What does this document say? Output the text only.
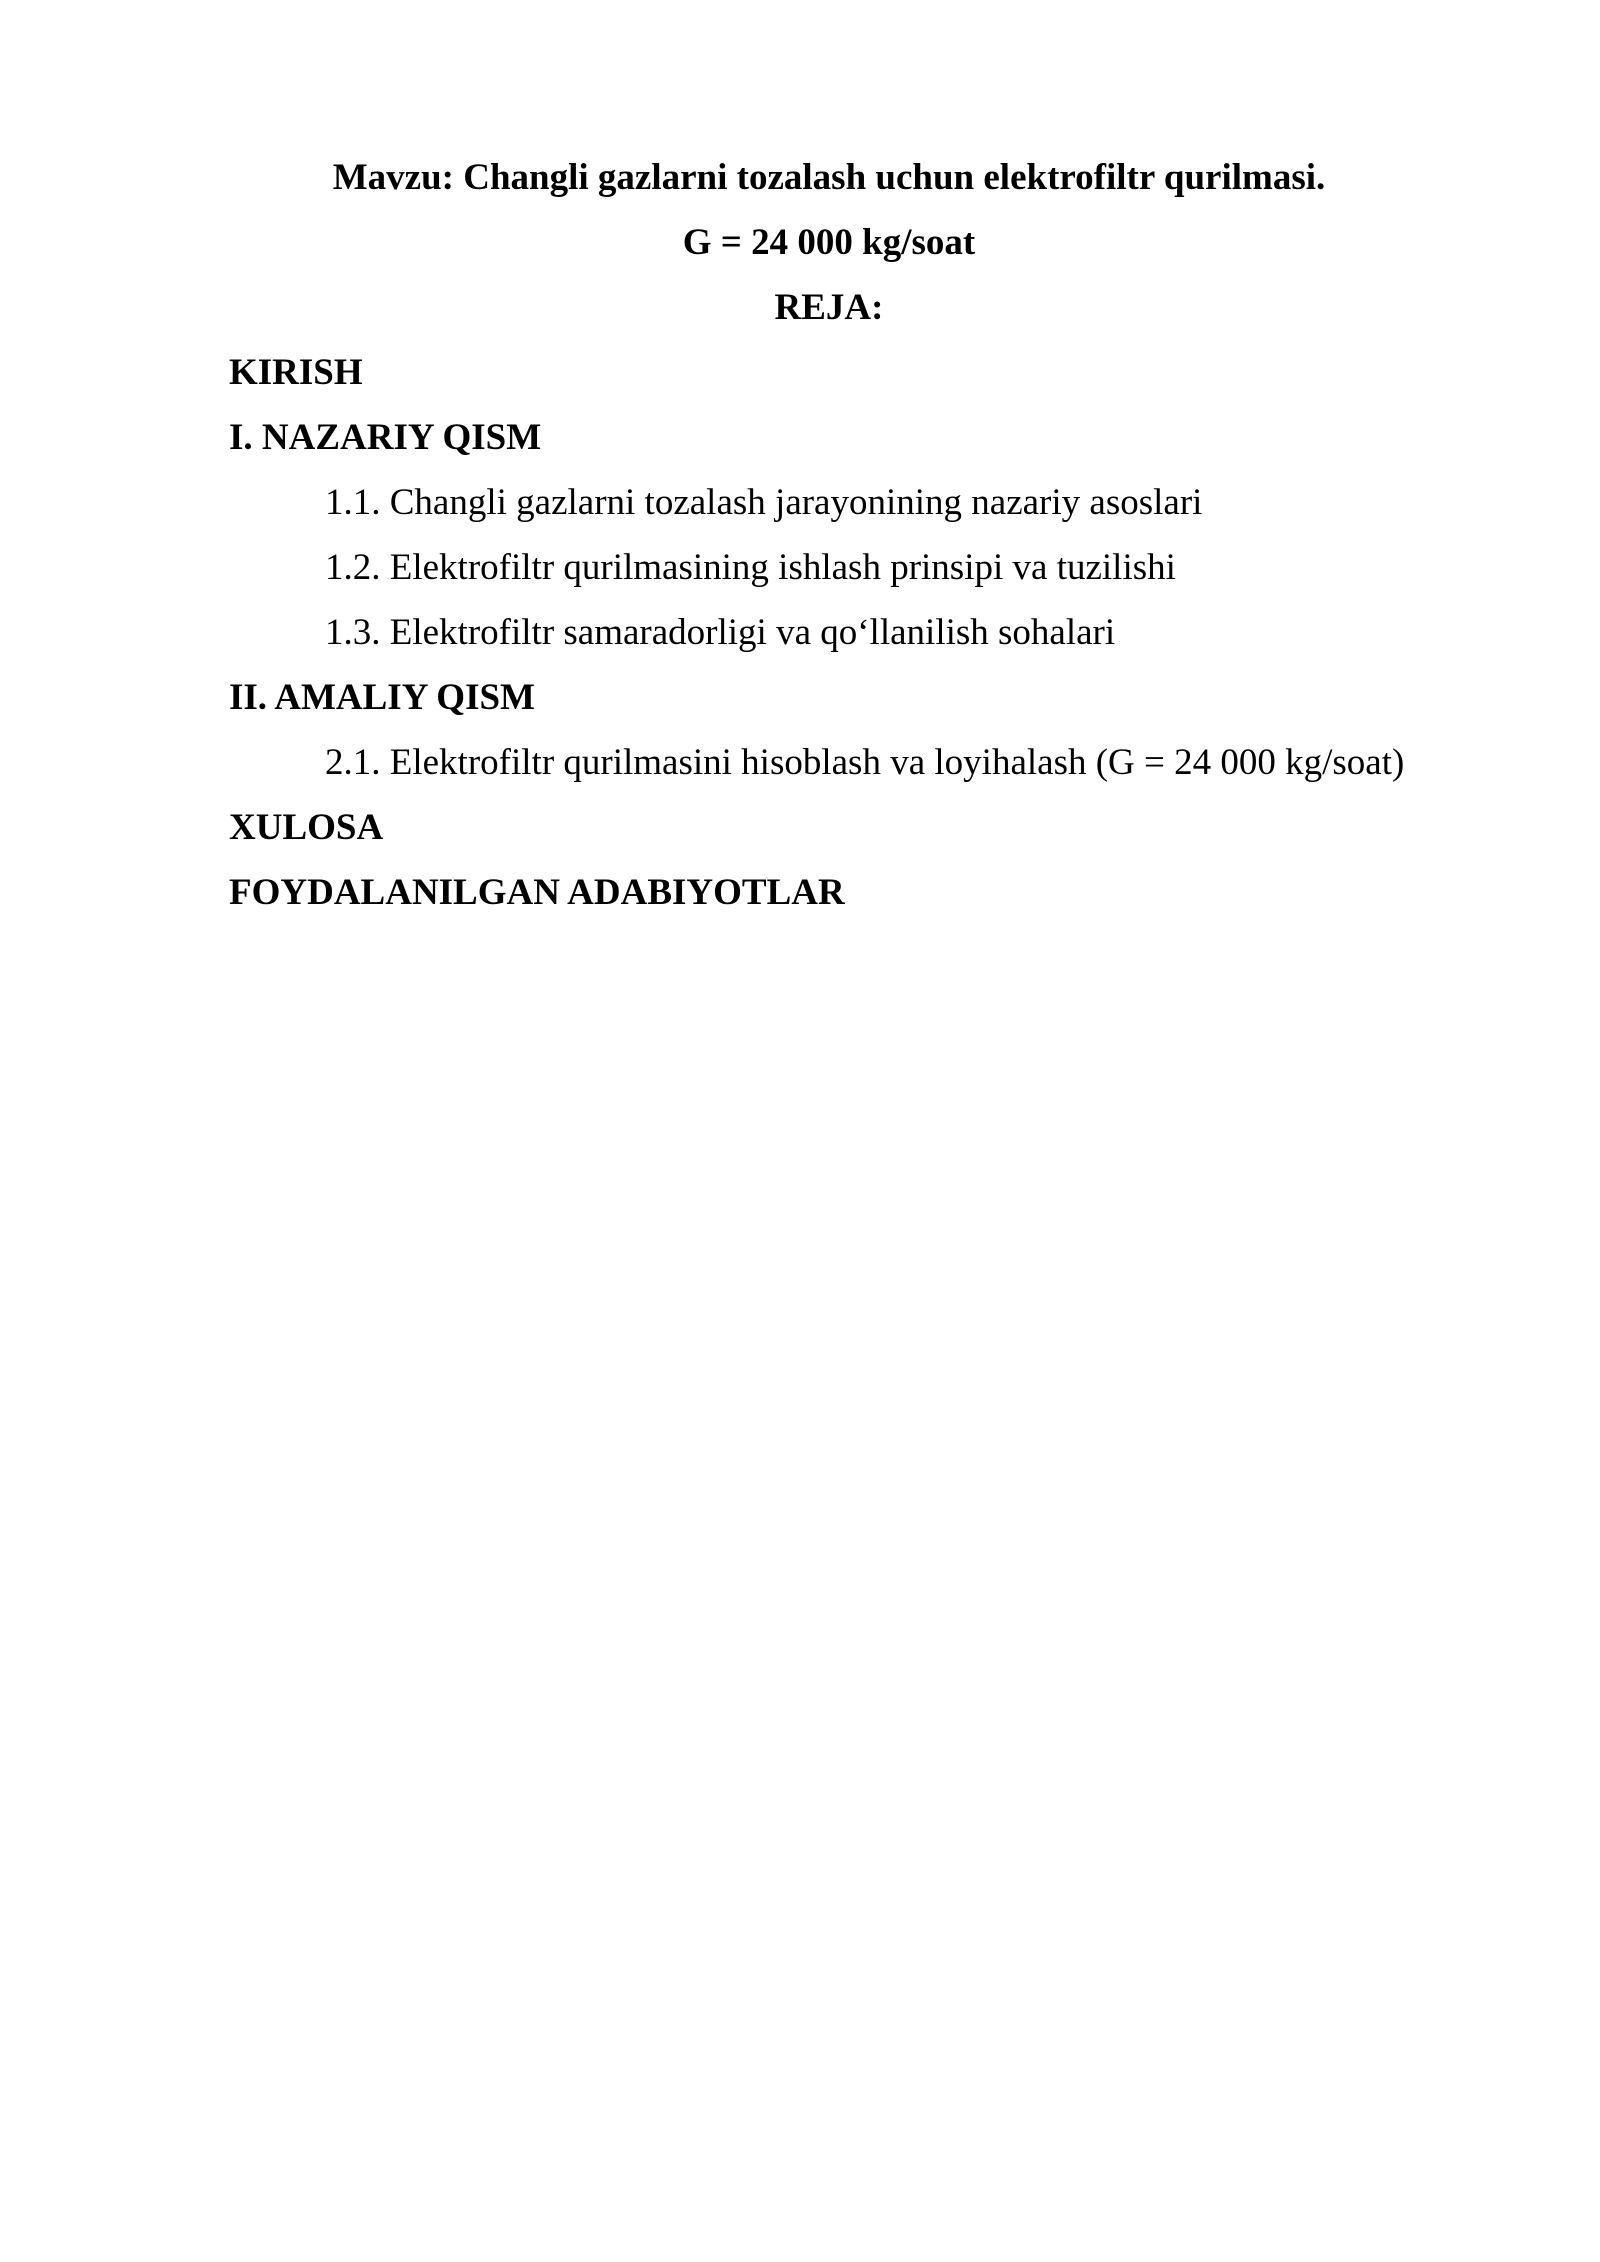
Mavzu: Changli gazlarni tozalash uchun elektrofiltr qurilmasi.
G = 24 000 kg/soat
REJA:
KIRISH
I. NAZARIY QISM
1.1. Changli gazlarni tozalash jarayonining nazariy asoslari
1.2. Elektrofiltr qurilmasining ishlash prinsipi va tuzilishi
1.3. Elektrofiltr samaradorligi va qo‘llanilish sohalari
II. AMALIY QISM
2.1. Elektrofiltr qurilmasini hisoblash va loyihalash (G = 24 000 kg/soat)
XULOSA
FOYDALANILGAN ADABIYOTLAR
